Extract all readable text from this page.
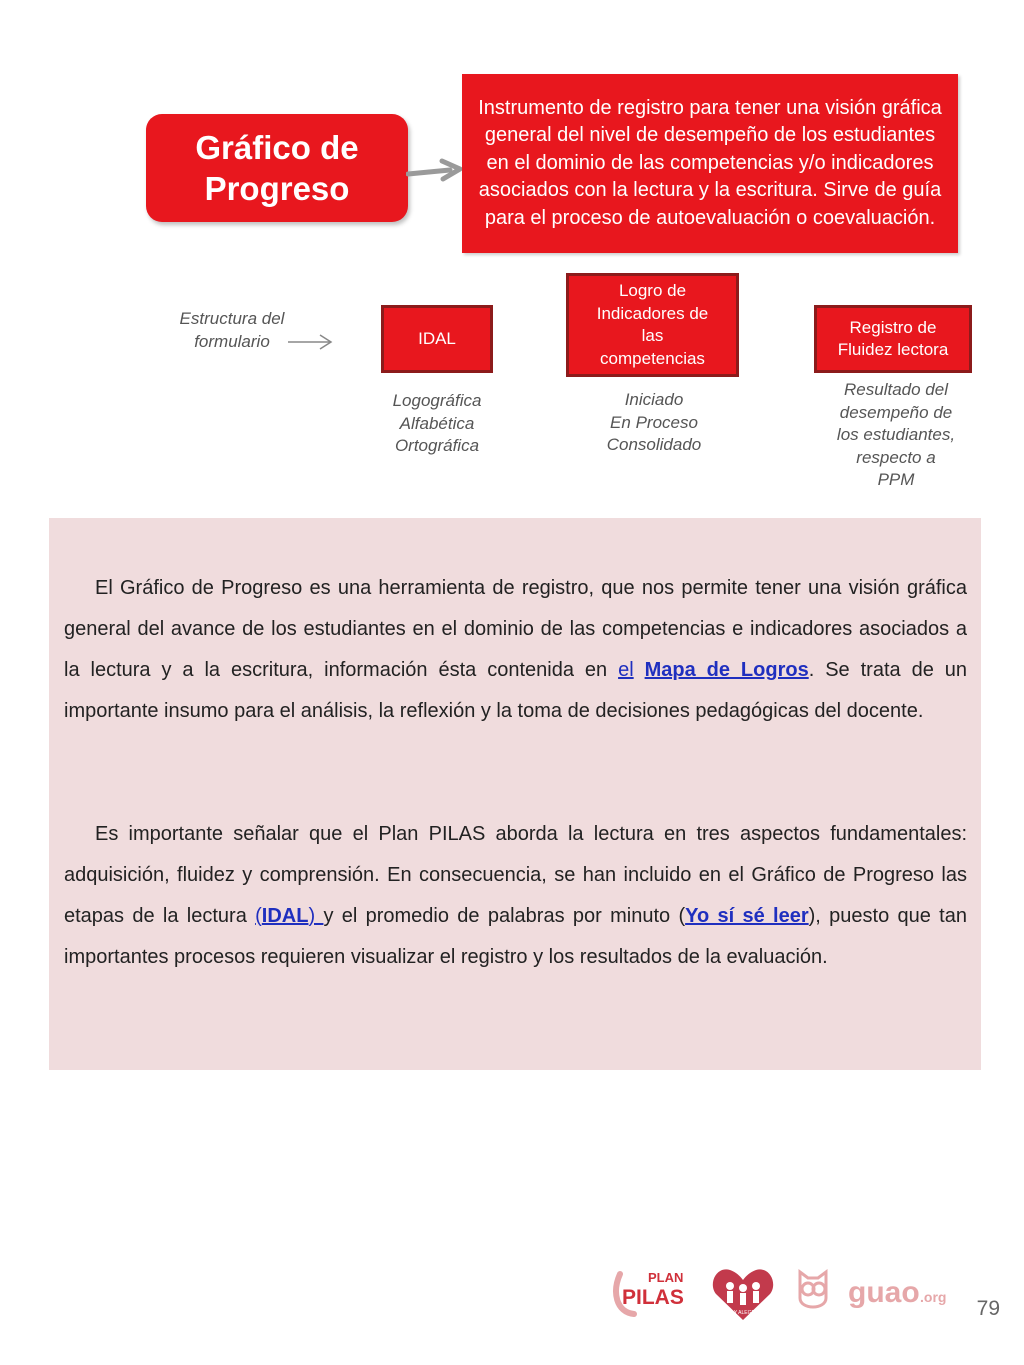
Gráfico de
Progreso
Instrumento de registro para tener una visión gráfica general del nivel de desempeño de los estudiantes en el dominio de las competencias y/o indicadores asociados con la lectura y la escritura. Sirve de guía para el proceso de autoevaluación o coevaluación.
Estructura del
formulario	IDAL
Logro de Indicadores de las competencias
Registro de Fluidez lectora
Logográfica
Alfabética
Ortográfica
Iniciado
En Proceso
Consolidado
Resultado del
desempeño de
los estudiantes,
respecto a
PPM

El Gráfico de Progreso es una herramienta de registro, que nos permite tener una visión gráfica general del avance de los estudiantes en el dominio de las competencias e indicadores asociados a la lectura y a la escritura, información ésta contenida en el Mapa de Logros. Se trata de un importante insumo para el análisis, la reflexión y la toma de decisiones pedagógicas del docente.

Es importante señalar que el Plan PILAS aborda la lectura en tres aspectos fundamentales: adquisición, fluidez y comprensión. En consecuencia, se han incluido en el Gráfico de Progreso las etapas de la lectura (IDAL) y el promedio de palabras por minuto (Yo sí sé leer), puesto que tan importantes procesos requieren visualizar el registro y los resultados de la evaluación.

PLAN
PILAS
FE Y ALEGRIA
guao .org	79
